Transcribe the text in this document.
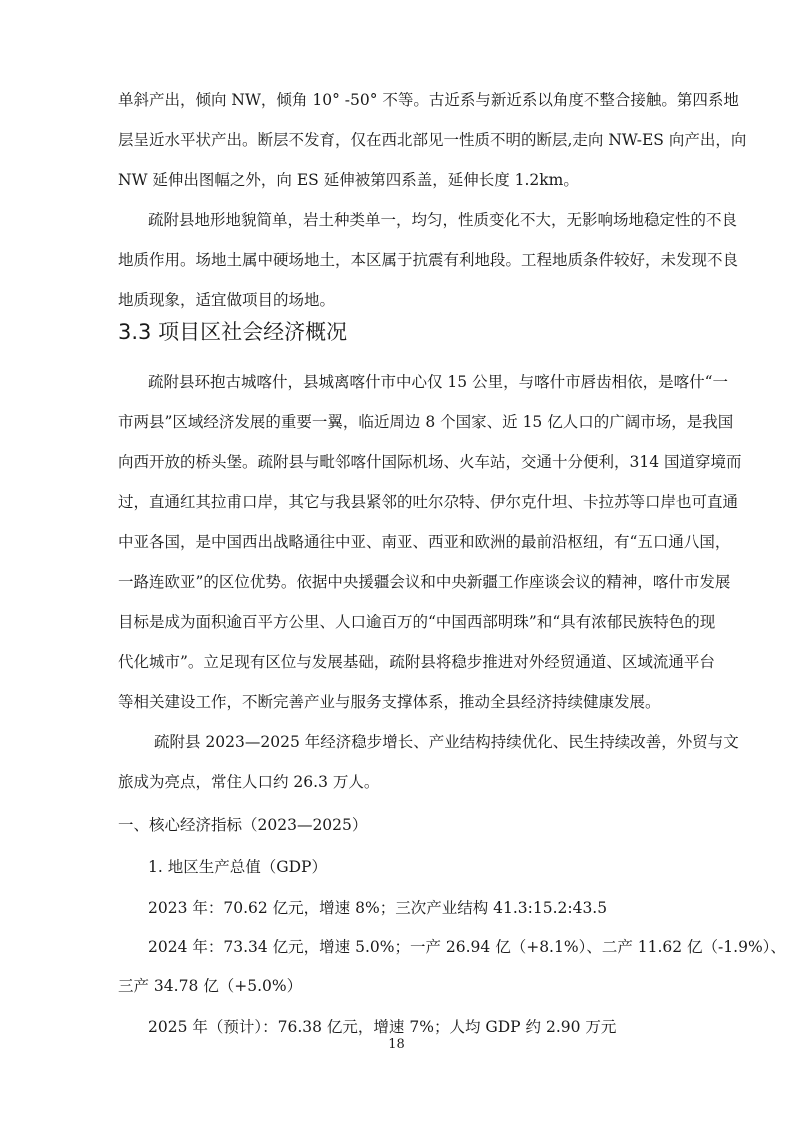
单斜产出，倾向 NW，倾角 10° -50° 不等。古近系与新近系以角度不整合接触。第四系地
层呈近水平状产出。断层不发育，仅在西北部见一性质不明的断层,走向 NW-ES 向产出，向
NW 延伸出图幅之外，向 ES 延伸被第四系盖，延伸长度 1.2km。
疏附县地形地貌简单，岩土种类单一，均匀，性质变化不大，无影响场地稳定性的不良
地质作用。场地土属中硬场地土，本区属于抗震有利地段。工程地质条件较好，未发现不良
地质现象，适宜做项目的场地。
3.3 项目区社会经济概况
疏附县环抱古城喀什，县城离喀什市中心仅 15 公里，与喀什市唇齿相依，是喀什“一
市两县”区域经济发展的重要一翼，临近周边 8 个国家、近 15 亿人口的广阔市场，是我国
向西开放的桥头堡。疏附县与毗邻喀什国际机场、火车站，交通十分便利，314 国道穿境而
过，直通红其拉甫口岸，其它与我县紧邻的吐尔尕特、伊尔克什坦、卡拉苏等口岸也可直通
中亚各国，是中国西出战略通往中亚、南亚、西亚和欧洲的最前沿枢纽，有“五口通八国，
一路连欧亚”的区位优势。依据中央援疆会议和中央新疆工作座谈会议的精神，喀什市发展
目标是成为面积逾百平方公里、人口逾百万的“中国西部明珠”和“具有浓郁民族特色的现
代化城市”。立足现有区位与发展基础，疏附县将稳步推进对外经贸通道、区域流通平台
等相关建设工作，不断完善产业与服务支撑体系，推动全县经济持续健康发展。
疏附县 2023—2025 年经济稳步增长、产业结构持续优化、民生持续改善，外贸与文
旅成为亮点，常住人口约 26.3 万人。
一、核心经济指标（2023—2025）
1. 地区生产总值（GDP）
2023 年：70.62 亿元，增速 8%；三次产业结构 41.3:15.2:43.5
2024 年：73.34 亿元，增速 5.0%；一产 26.94 亿（+8.1%）、二产 11.62 亿（-1.9%）、
三产 34.78 亿（+5.0%）
2025 年（预计）：76.38 亿元，增速 7%；人均 GDP 约 2.90 万元
18
